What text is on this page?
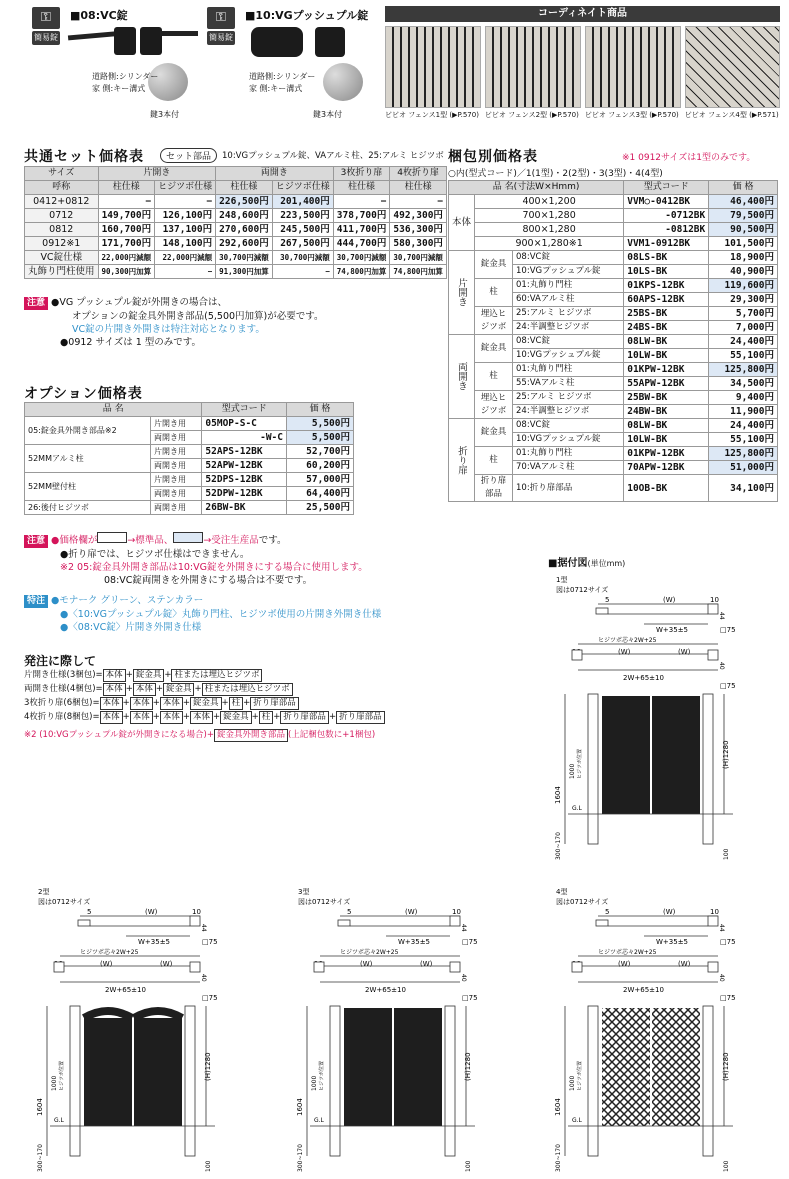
⚿
簡易錠
■08:VC錠
道路側:シリンダー
家 側:キー溝式
鍵3本付
⚿
簡易錠
■10:VGプッシュプル錠
道路側:シリンダー
家 側:キー溝式
鍵3本付
コーディネイト商品
ビビオ フェンス1型 (▶P.570) ビビオ フェンス2型 (▶P.570) ビビオ フェンス3型 (▶P.570) ビビオ フェンス4型 (▶P.571)
共通セット価格表	セット部品	10:VGプッシュプル錠、VAアルミ柱、25:アルミ ヒジツボ
サイズ	片開き		両開き		3枚折り扉	4枚折り扉
呼称	柱仕様	ヒジツボ仕様	柱仕様	ヒジツボ仕様	柱仕様	柱仕様
0412+0812	−	−	226,500円	201,400円	−	−
0712	149,700円	126,100円	248,600円	223,500円	378,700円	492,300円
0812	160,700円	137,100円	270,600円	245,500円	411,700円	536,300円
0912※1	171,700円	148,100円	292,600円	267,500円	444,700円	580,300円
VC錠仕様	22,000円減額	22,000円減額	30,700円減額	30,700円減額	30,700円減額	30,700円減額
丸飾り門柱使用	90,300円加算	−	91,300円加算	−	74,800円加算	74,800円加算
注意 ●VG プッシュプル錠が外開きの場合は、
オプションの錠金具外開き部品(5,500円加算)が必要です。
VC錠の片開き外開きは特注対応となります。
●0912 サイズは 1 型のみです。
オプション価格表
品 名		型式コード	価 格
05:錠金具外開き部品※2	片開き用	05MOP-S-C	5,500円
	両開き用	-W-C	5,500円
52MMアルミ柱	片開き用	52APS-12BK	52,700円
	両開き用	52APW-12BK	60,200円
52MM壁付柱	片開き用	52DPS-12BK	57,000円
	両開き用	52DPW-12BK	64,400円
26:後付ヒジツボ	両開き用	26BW-BK	25,500円
注意 ●価格欄が	→標準品、	→受注生産品です。
●折り扉では、ヒジツボ仕様はできません。
※2 05:錠金具外開き部品は10:VG錠を外開きにする場合に使用します。
08:VC錠両開きを外開きにする場合は不要です。
特注 ●モナーク グリーン、ステンカラー
●〈10:VGプッシュプル錠〉丸飾り門柱、ヒジツボ使用の片開き外開き仕様
●〈08:VC錠〉片開き外開き仕様
発注に際して
片開き仕様(3梱包)= 本体 + 錠金具 + 柱または埋込ヒジツボ
両開き仕様(4梱包)= 本体 + 本体 + 錠金具 + 柱または埋込ヒジツボ
3枚折り扉(6梱包)= 本体 + 本体 + 本体 + 錠金具 + 柱 + 折り扉部品
4枚折り扉(8梱包)= 本体 + 本体 + 本体 + 本体 + 錠金具 + 柱 + 折り扉部品 + 折り扉部品
※2 (10:VGプッシュプル錠が外開きになる場合)+ 錠金具外開き部品 (上記梱包数に+1梱包)
梱包別価格表	※1 0912サイズは1型のみです。
○内(型式コード)／1(1型)・2(2型)・3(3型)・4(4型)
品 名(寸法W×Hmm)			型式コード	価 格
本体	400×1,200		VVM○-0412BK	46,400円
	700×1,280		-0712BK	79,500円
	800×1,280		-0812BK	90,500円
	900×1,280※1		VVM1-0912BK	101,500円
片開き	錠金具	08:VC錠	08LS-BK	18,900円
		10:VGプッシュプル錠	10LS-BK	40,900円
	柱	01:丸飾り門柱	01KPS-12BK	119,600円
		60:VAアルミ柱	60APS-12BK	29,300円
	埋込ヒジツボ	25:アルミ ヒジツボ	25BS-BK	5,700円
		24:半調整ヒジツボ	24BS-BK	7,000円
両開き	錠金具	08:VC錠	08LW-BK	24,400円
		10:VGプッシュプル錠	10LW-BK	55,100円
	柱	01:丸飾り門柱	01KPW-12BK	125,800円
		55:VAアルミ柱	55APW-12BK	34,500円
	埋込ヒジツボ	25:アルミ ヒジツボ	25BW-BK	9,400円
		24:半調整ヒジツボ	24BW-BK	11,900円
折り扉	錠金具	08:VC錠	08LW-BK	24,400円
		10:VGプッシュプル錠	10LW-BK	55,100円
	柱	01:丸飾り門柱	01KPW-12BK	125,800円
		70:VAアルミ柱	70APW-12BK	51,000円
	折り扉部品	10:折り扉部品	10OB-BK	34,100円
■据付図(単位mm)
1型
図は0712サイズ
5	(W)	10
44
W+35±5	□75
ヒジツボ芯々2W+25
(W)	(W)
40
2W+65±10
□75
G.L
1604
1000 ヒジツボ位置	(H)1280
300~170	100
2型
図は0712サイズ
5	(W)	10
44
W+35±5	□75
ヒジツボ芯々2W+25
(W)	(W)
40
2W+65±10
□75
G.L
1604
1000 ヒジツボ位置	(H)1280
300~170	100
3型
図は0712サイズ
5	(W)	10
44
W+35±5	□75
ヒジツボ芯々2W+25
(W)	(W)
40
2W+65±10
□75
G.L
1604
1000 ヒジツボ位置	(H)1280
300~170	100
4型
図は0712サイズ
5	(W)	10
44
W+35±5	□75
ヒジツボ芯々2W+25
(W)	(W)
40
2W+65±10
□75
G.L
1604
1000 ヒジツボ位置	(H)1280
300~170	100
